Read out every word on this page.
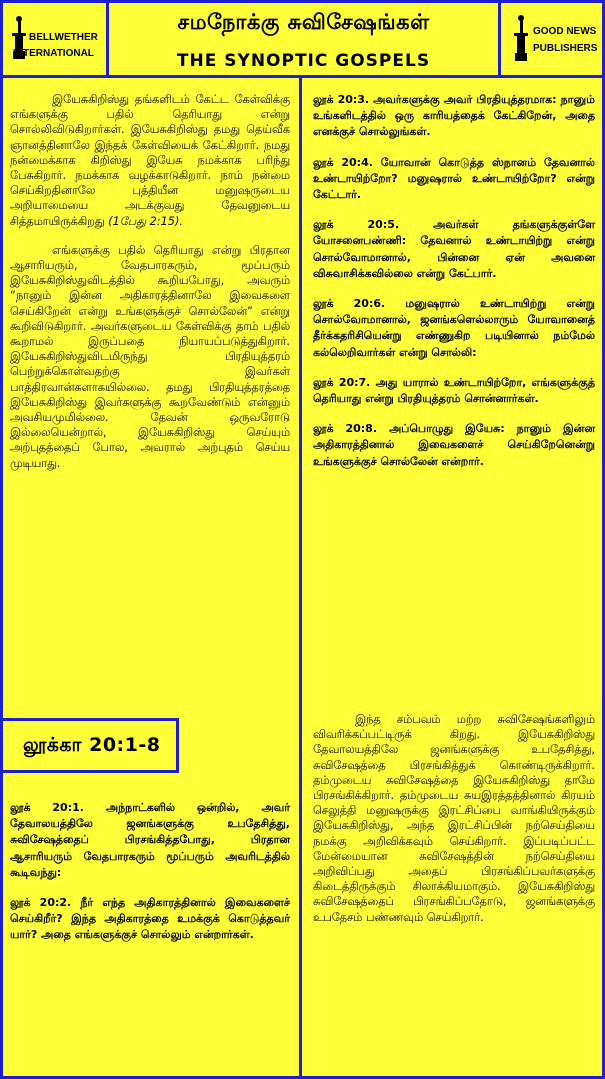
BELLWETHER
INTERNATIONAL
சமநோக்கு சுவிசேஷங்கள்
THE SYNOPTIC GOSPELS
GOOD NEWS
PUBLISHERS

இயேசுகிறிஸ்து தங்களிடம் கேட்ட கேள்விக்கு எங்களுக்கு பதில் தெரியாது என்று சொல்லிவிடுகிறார்கள். இயேசுகிறிஸ்து தமது தெய்வீக ஞானத்தினாலே இந்தக் கேள்வியைக் கேட்கிறார். நமது நன்மைக்காக கிறிஸ்து இயேசு நமக்காக பரிந்து பேசுகிறார். நமக்காக வழக்காடுகிறார். நாம் நன்மை செய்கிறதினாலே புத்தியீன மனுஷருடைய அறியாமையை அடக்குவது தேவனுடைய சித்தமாயிருக்கிறது (1பேது 2:15).

எங்களுக்கு பதில் தெரியாது என்று பிரதான ஆசாரியரும், வேதபாரகரும், மூப்பரும் இயேசுகிறிஸ்துவிடத்தில் கூறியபோது, அவரும் “நானும் இன்ன அதிகாரத்தினாலே இவைகளை செய்கிறேன் என்று உங்களுக்குச் சொல்லேன்” என்று கூறிவிடுகிறார். அவர்களுடைய கேள்விக்கு தாம் பதில் கூறாமல் இருப்பதை நியாயப்படுத்துகிறார். இயேசுகிறிஸ்துவிடமிருந்து பிரதியுத்தரம் பெற்றுக்கொள்வதற்கு இவர்கள் பாத்திரவான்களாகயில்லை. தமது பிரதியுத்தரத்தை இயேசுகிறிஸ்து இவர்களுக்கு கூறவேண்டும் என்னும் அவசியமுமில்லை. தேவன் ஒருவரோடு இல்லையென்றால், இயேசுகிறிஸ்து செய்யும் அற்புதத்தைப் போல, அவரால் அற்புதம் செய்ய முடியாது.

லூக்கா 20:1-8

லூக் 20:1. அந்நாட்களில் ஒன்றில், அவர் தேவாலயத்திலே ஜனங்களுக்கு உபதேசித்து, சுவிசேஷத்தைப் பிரசங்கித்தபோது, பிரதான ஆசாரியரும் வேதபாரகரும் மூப்பரும் அவரிடத்தில் கூடிவந்து:

லூக் 20:2. நீர் எந்த அதிகாரத்தினால் இவைகளைச் செய்கிறீர்? இந்த அதிகாரத்தை உமக்குக் கொடுத்தவர் யார்? அதை எங்களுக்குச் சொல்லும் என்றார்கள்.

லூக் 20:3. அவர்களுக்கு அவர் பிரதியுத்தரமாக: நானும் உங்களிடத்தில் ஒரு காரியத்தைக் கேட்கிறேன், அதை எனக்குச் சொல்லுங்கள்.

லூக் 20:4. யோவான் கொடுத்த ஸ்நானம் தேவனால் உண்டாயிற்றோ? மனுஷரால் உண்டாயிற்றோ? என்று கேட்டார்.

லூக் 20:5. அவர்கள் தங்களுக்குள்ளே யோசனைபண்ணி: தேவனால் உண்டாயிற்று என்று சொல்வோமானால், பின்னை ஏன் அவனை விசுவாசிக்கவில்லை என்று கேட்பார்.

லூக் 20:6. மனுஷரால் உண்டாயிற்று என்று சொல்வோமானால், ஜனங்களெல்லாரும் யோவானைத் தீர்க்கதரிசியென்று எண்ணுகிற படியினால் நம்மேல் கல்லெறிவார்கள் என்று சொல்லி:

லூக் 20:7. அது யாரால் உண்டாயிற்றோ, எங்களுக்குத் தெரியாது என்று பிரதியுத்தரம் சொன்னார்கள்.

லூக் 20:8. அப்பொழுது இயேசு: நானும் இன்ன அதிகாரத்தினால் இவைகளைச் செய்கிறேனென்று உங்களுக்குச் சொல்லேன் என்றார்.

இந்த சம்பவம் மற்ற சுவிசேஷங்களிலும் விவரிக்கப்பட்டிருக் கிறது. இயேசுகிறிஸ்து தேவாலயத்திலே ஜனங்களுக்கு உபதேசித்து, சுவிசேஷத்தை பிரசங்கித்துக் கொண்டிருக்கிறார். தம்முடைய சுவிசேஷத்தை இயேசுகிறிஸ்து தாமே பிரசங்கிக்கிறார். தம்முடைய சுயஇரத்தத்தினால் கிரயம் செலுத்தி மனுஷருக்கு இரட்சிப்பை வாங்கியிருக்கும் இயேசுகிறிஸ்து, அந்த இரட்சிப்பின் நற்செய்தியை நமக்கு அறிவிக்கவும் செய்கிறார். இப்படிப்பட்ட மேன்மையான சுவிசேஷத்தின் நற்செய்தியை அறிவிப்பது அதைப் பிரசங்கிப்பவர்களுக்கு கிடைத்திருக்கும் சிலாக்கியமாகும். இயேசுகிறிஸ்து சுவிசேஷத்தைப் பிரசங்கிப்பதோடு, ஜனங்களுக்கு உபதேசம் பண்ணவும் செய்கிறார்.
